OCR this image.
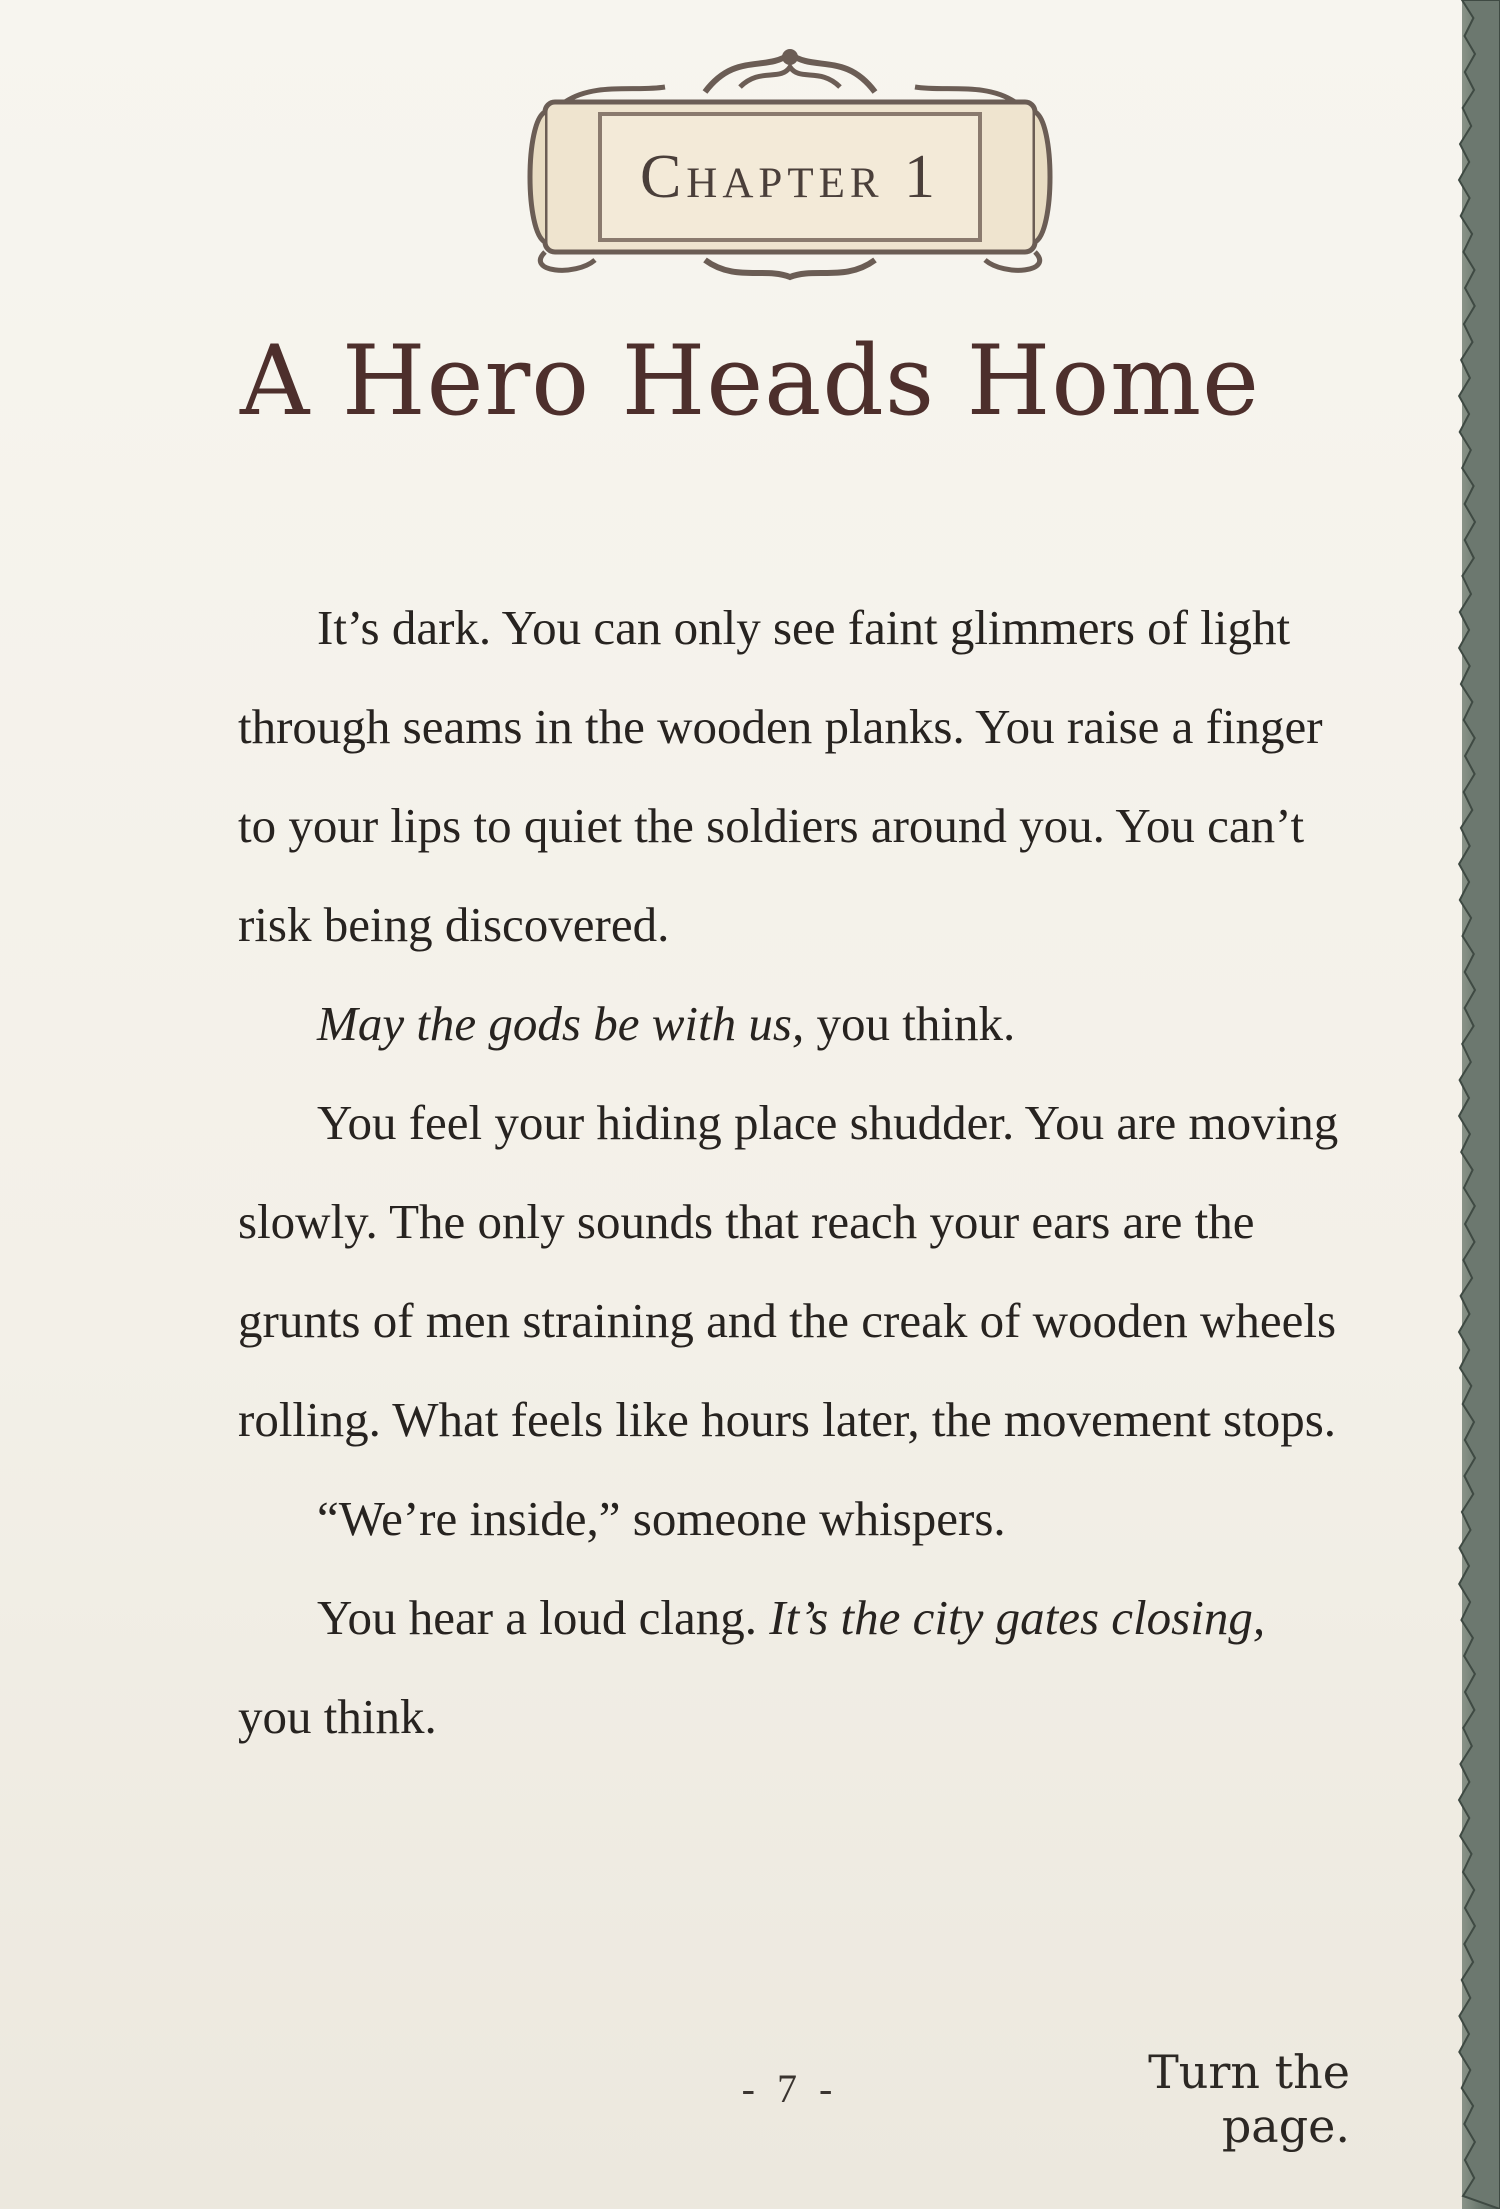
Chapter 1
A Hero Heads Home

It’s dark. You can only see faint glimmers of light through seams in the wooden planks. You raise a finger to your lips to quiet the soldiers around you. You can’t risk being discovered.

May the gods be with us, you think.

You feel your hiding place shudder. You are moving slowly. The only sounds that reach your ears are the grunts of men straining and the creak of wooden wheels rolling. What feels like hours later, the movement stops.

“We’re inside,” someone whispers.

You hear a loud clang. It’s the city gates closing, you think.

- 7 -	Turn the page.
